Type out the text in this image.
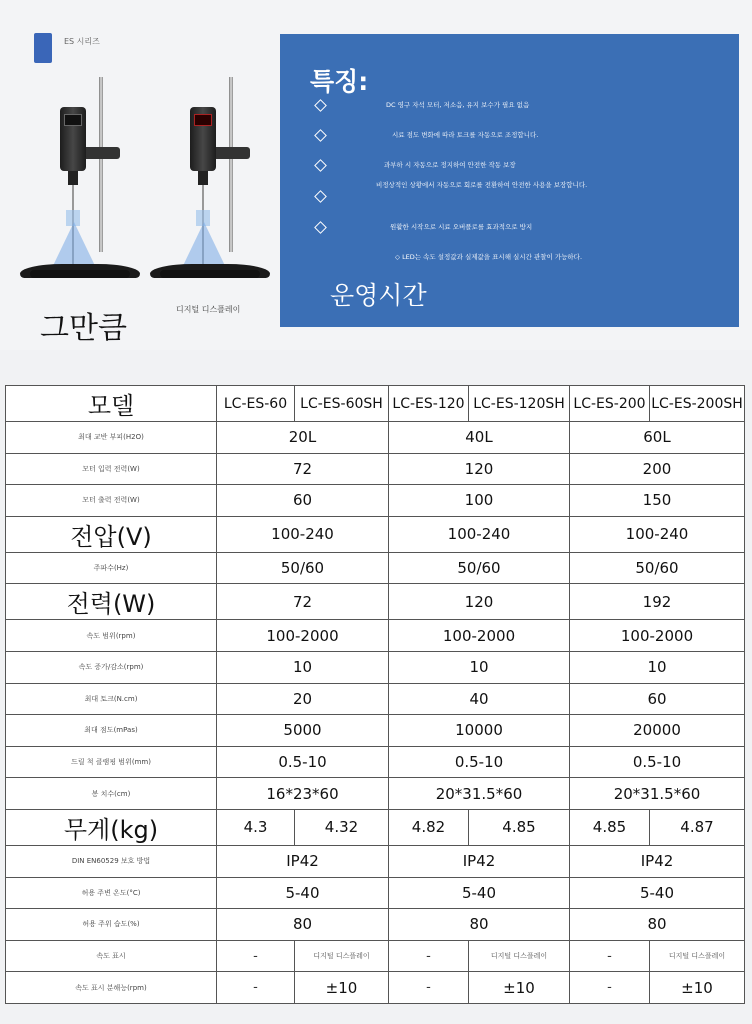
ES 시리즈
그만큼
디지털 디스플레이
특징:
DC 영구 자석 모터, 저소음, 유지 보수가 필요 없음
시료 점도 변화에 따라 토크를 자동으로 조정합니다.
과부하 시 자동으로 정지하여 안전한 작동 보장
비정상적인 상황에서 자동으로 회로를 전환하여 안전한 사용을 보장합니다.
원활한 시작으로 시료 오버플로를 효과적으로 방지
◇ LED는 속도 설정값과 실제값을 표시해 실시간 관찰이 가능하다.
운영시간
모델	LC-ES-60	LC-ES-60SH	LC-ES-120	LC-ES-120SH	LC-ES-200	LC-ES-200SH
최대 교반 부피(H2O)	20L		40L		60L	
모터 입력 전력(W)	72		120		200	
모터 출력 전력(W)	60		100		150	
전압(V)	100-240		100-240		100-240	
주파수(Hz)	50/60		50/60		50/60	
전력(W)	72		120		192	
속도 범위(rpm)	100-2000		100-2000		100-2000	
속도 증가/감소(rpm)	10		10		10	
최대 토크(N.cm)	20		40		60	
최대 점도(mPas)	5000		10000		20000	
드릴 척 클램핑 범위(mm)	0.5-10		0.5-10		0.5-10	
봉 치수(cm)	16*23*60		20*31.5*60		20*31.5*60	
무게(kg)	4.3	4.32	4.82	4.85	4.85	4.87
DIN EN60529 보호 방법	IP42		IP42		IP42	
허용 주변 온도(°C)	5-40		5-40		5-40	
허용 주위 습도(%)	80		80		80	
속도 표시	-	디지털 디스플레이	-	디지털 디스플레이	-	디지털 디스플레이
속도 표시 분해능(rpm)	-	±10	-	±10	-	±10
